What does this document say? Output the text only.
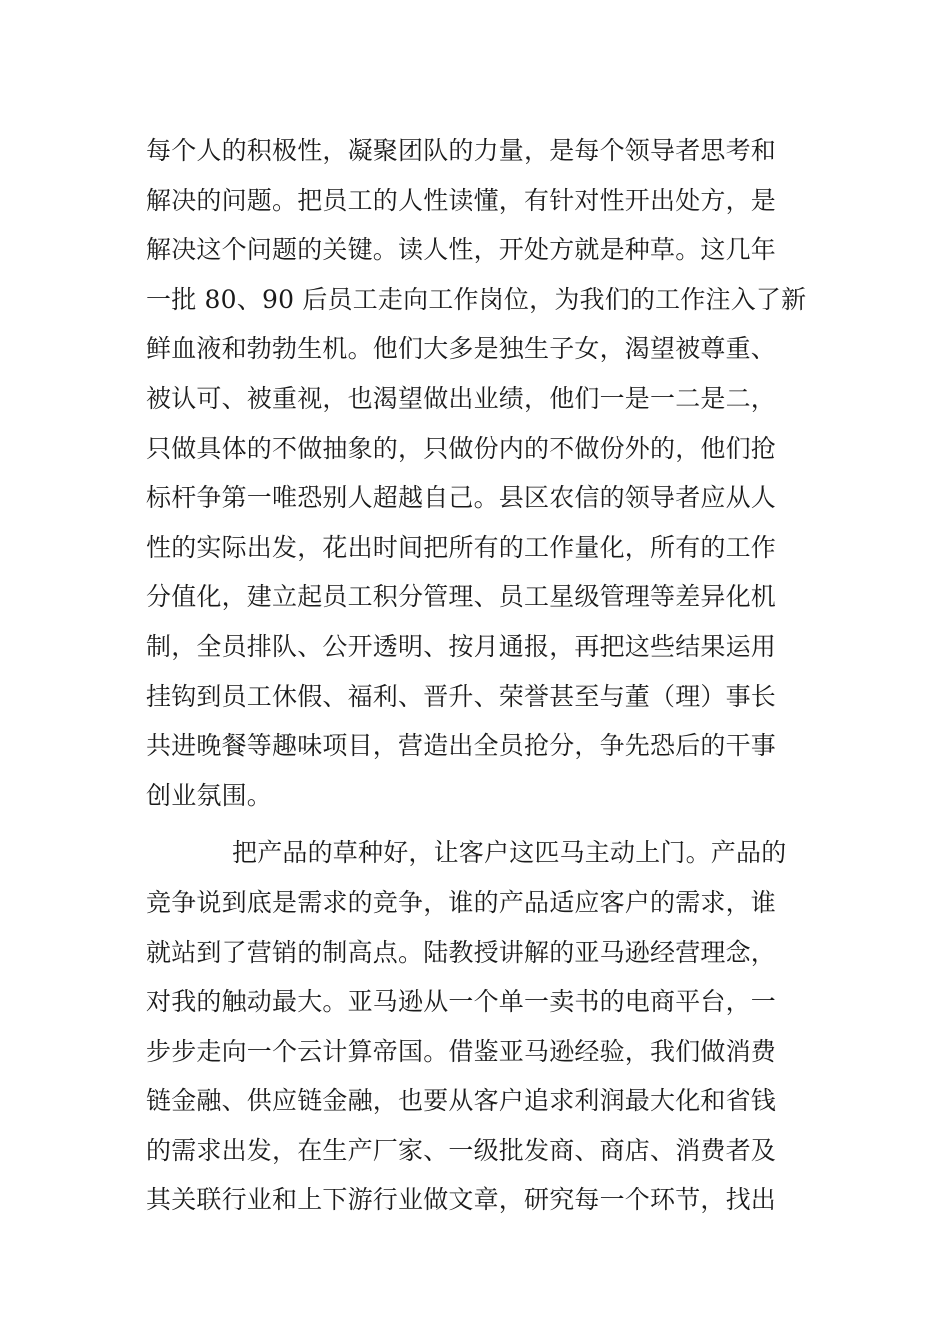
每个人的积极性，凝聚团队的力量，是每个领导者思考和
解决的问题。把员工的人性读懂，有针对性开出处方，是
解决这个问题的关键。读人性，开处方就是种草。这几年
一批 80、90 后员工走向工作岗位，为我们的工作注入了新
鲜血液和勃勃生机。他们大多是独生子女，渴望被尊重、
被认可、被重视，也渴望做出业绩，他们一是一二是二，
只做具体的不做抽象的，只做份内的不做份外的，他们抢
标杆争第一唯恐别人超越自己。县区农信的领导者应从人
性的实际出发，花出时间把所有的工作量化，所有的工作
分值化，建立起员工积分管理、员工星级管理等差异化机
制，全员排队、公开透明、按月通报，再把这些结果运用
挂钩到员工休假、福利、晋升、荣誉甚至与董（理）事长
共进晚餐等趣味项目，营造出全员抢分，争先恐后的干事
创业氛围。
把产品的草种好，让客户这匹马主动上门。产品的
竞争说到底是需求的竞争，谁的产品适应客户的需求，谁
就站到了营销的制高点。陆教授讲解的亚马逊经营理念，
对我的触动最大。亚马逊从一个单一卖书的电商平台，一
步步走向一个云计算帝国。借鉴亚马逊经验，我们做消费
链金融、供应链金融，也要从客户追求利润最大化和省钱
的需求出发，在生产厂家、一级批发商、商店、消费者及
其关联行业和上下游行业做文章，研究每一个环节，找出
